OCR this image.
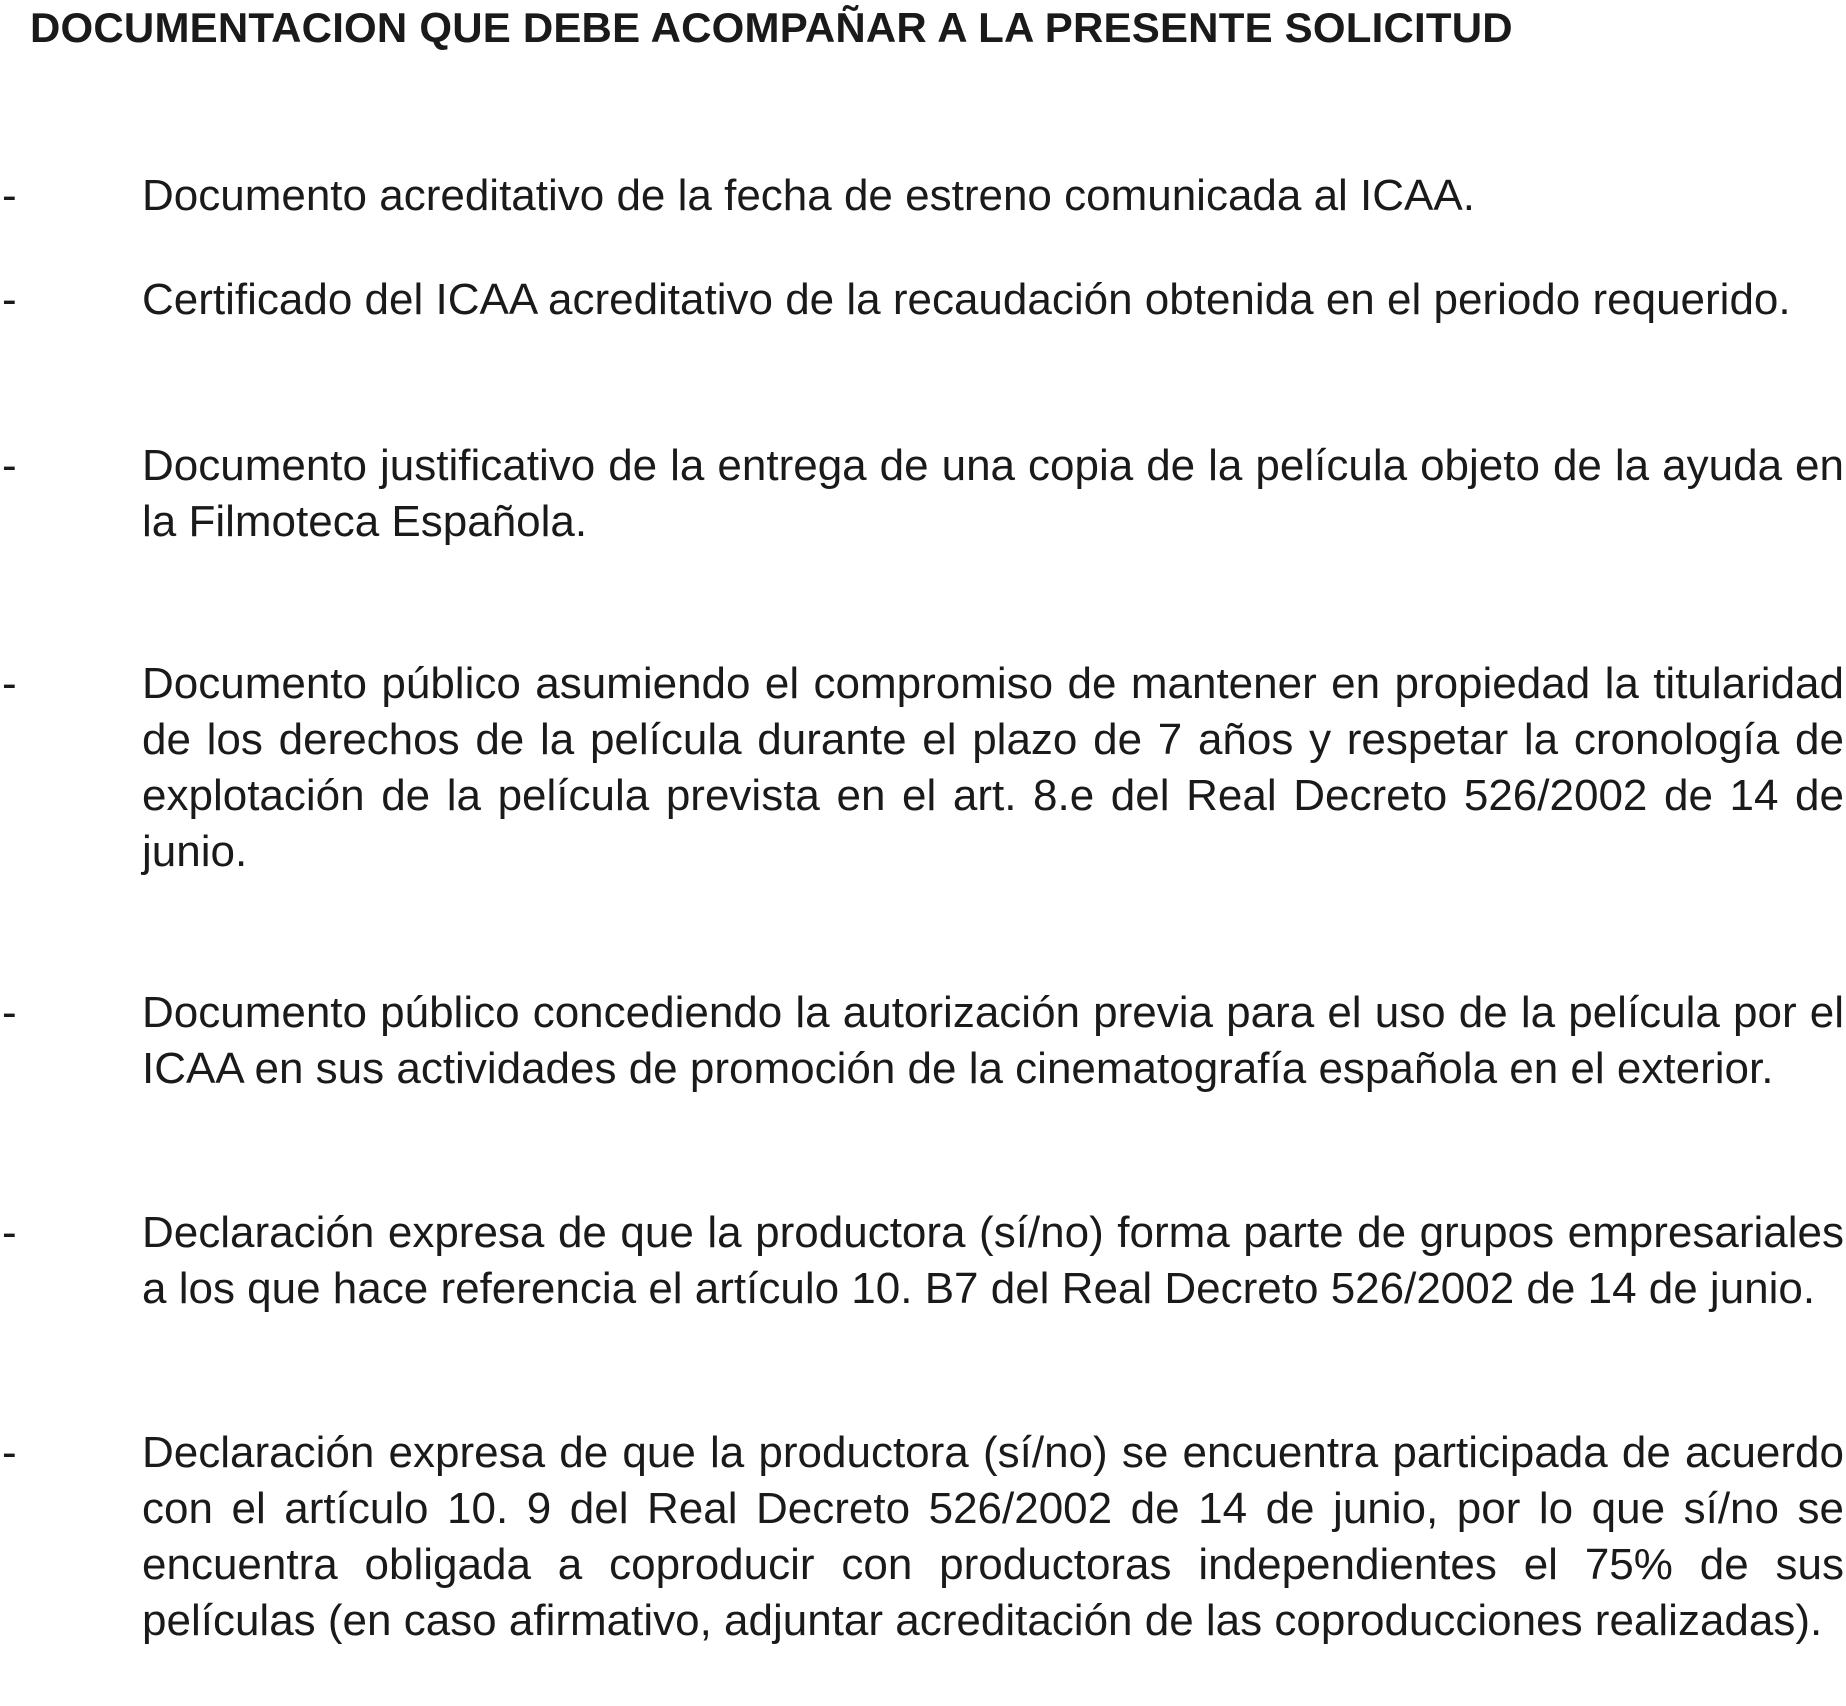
DOCUMENTACION QUE DEBE ACOMPAÑAR A LA PRESENTE SOLICITUD
-	Documento acreditativo de la fecha de estreno comunicada al ICAA.
-	Certificado del ICAA acreditativo de la recaudación obtenida en el periodo requerido.
-	Documento justificativo de la entrega de una copia de la película objeto de la ayuda en la Filmoteca Española.
-	Documento público asumiendo el compromiso de mantener en propiedad la titularidad de los derechos de la película durante el plazo de 7 años y respetar la cronología de explotación de la película prevista en el art. 8.e del Real Decreto 526/2002 de 14 de junio.
-	Documento público concediendo la autorización previa para el uso de la película por el ICAA en sus actividades de promoción de la cinematografía española en el exterior.
-	Declaración expresa de que la productora (sí/no) forma parte de grupos empresariales a los que hace referencia el artículo 10. B7 del Real Decreto 526/2002 de 14 de junio.
-	Declaración expresa de que la productora (sí/no) se encuentra participada de acuerdo con el artículo 10. 9 del Real Decreto 526/2002 de 14 de junio, por lo que sí/no se encuentra obligada a coproducir con productoras independientes el 75% de sus películas (en caso afirmativo, adjuntar acreditación de las coproducciones realizadas).
